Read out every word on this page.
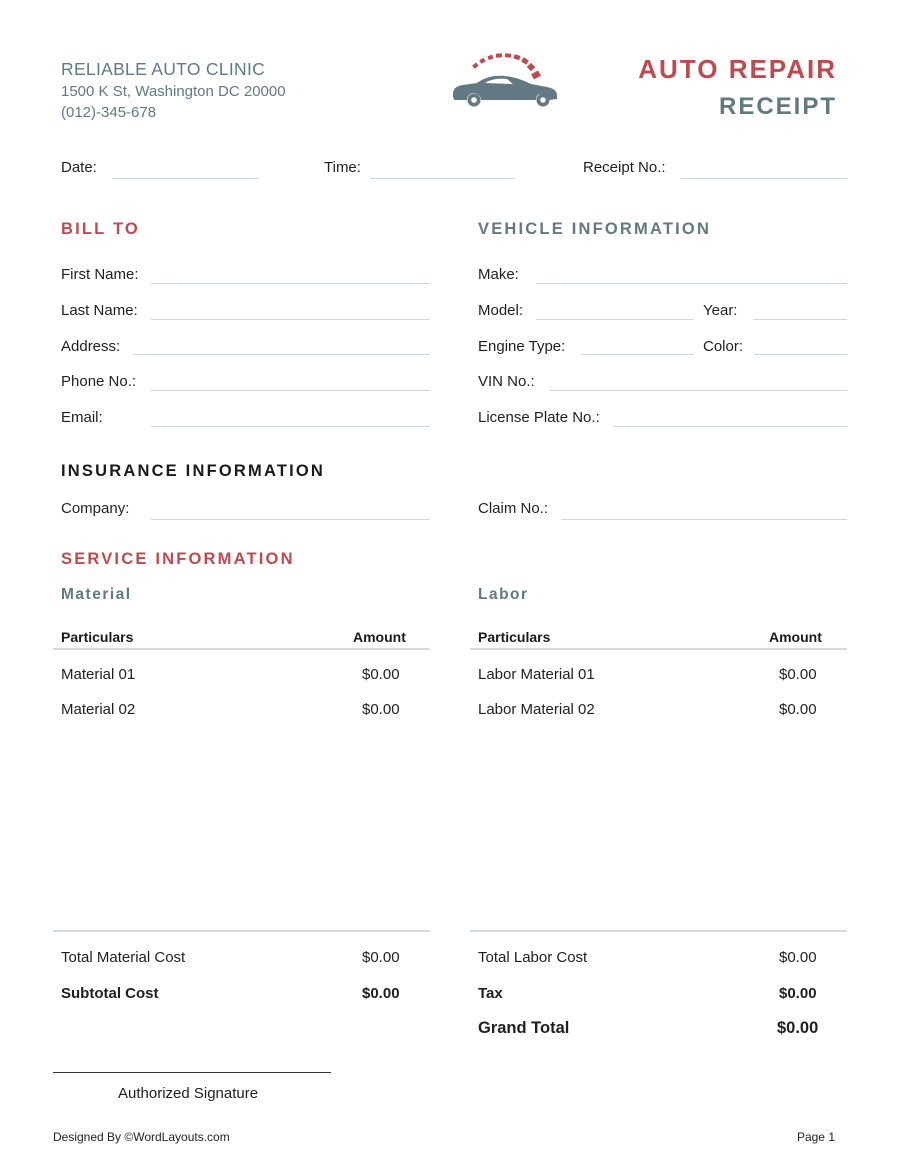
RELIABLE AUTO CLINIC
1500 K St, Washington DC 20000
(012)-345-678
AUTO REPAIR
RECEIPT
Date:	Time:	Receipt No.:
BILL TO
First Name:
Last Name:
Address:
Phone No.:
Email:
VEHICLE INFORMATION
Make:
Model:	Year:
Engine Type:	Color:
VIN No.:
License Plate No.:
INSURANCE INFORMATION
Company:	Claim No.:
SERVICE INFORMATION
Material
Particulars	Amount
Material 01	$0.00
Material 02	$0.00
Labor
Particulars	Amount
Labor Material 01	$0.00
Labor Material 02	$0.00
Total Material Cost	$0.00
Subtotal Cost	$0.00
Total Labor Cost	$0.00
Tax	$0.00
Grand Total	$0.00
Authorized Signature
Designed By ©WordLayouts.com	Page 1
